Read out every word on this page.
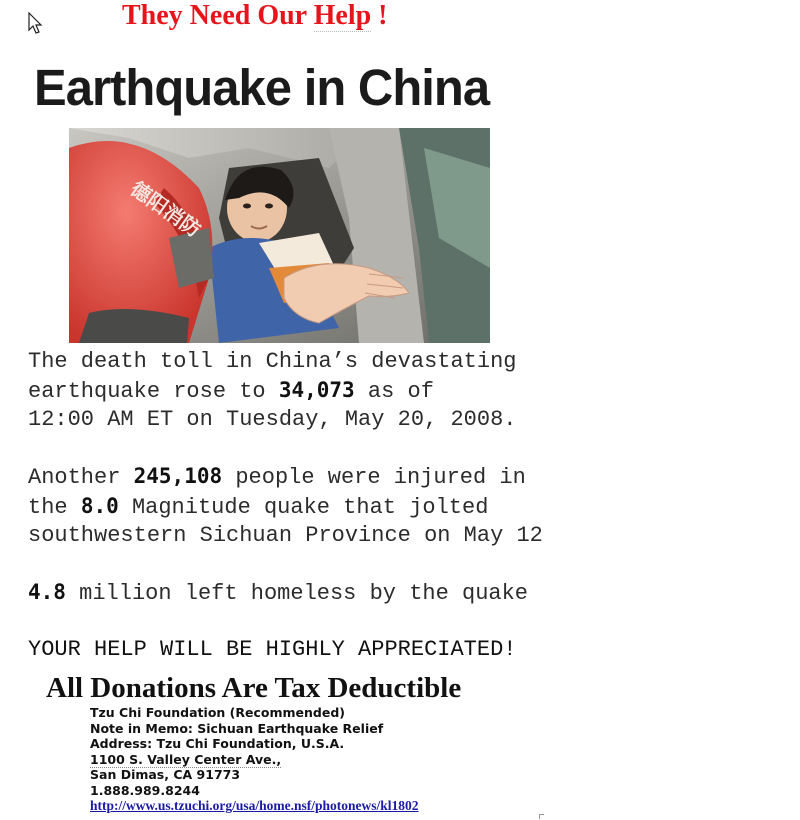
They Need Our Help !
Earthquake in China
德阳消防

The death toll in China’s devastating

earthquake rose to 34,073 as of

12:00 AM ET on Tuesday, May 20, 2008.

Another 245,108 people were injured in

the 8.0 Magnitude quake that jolted

southwestern Sichuan Province on May 12

4.8 million left homeless by the quake

YOUR HELP WILL BE HIGHLY APPRECIATED!

All Donations Are Tax Deductible
Tzu Chi Foundation (Recommended)
Note in Memo: Sichuan Earthquake Relief
Address: Tzu Chi Foundation, U.S.A.
1100 S. Valley Center Ave.,
San Dimas, CA 91773
1.888.989.8244
http://www.us.tzuchi.org/usa/home.nsf/photonews/kl1802
